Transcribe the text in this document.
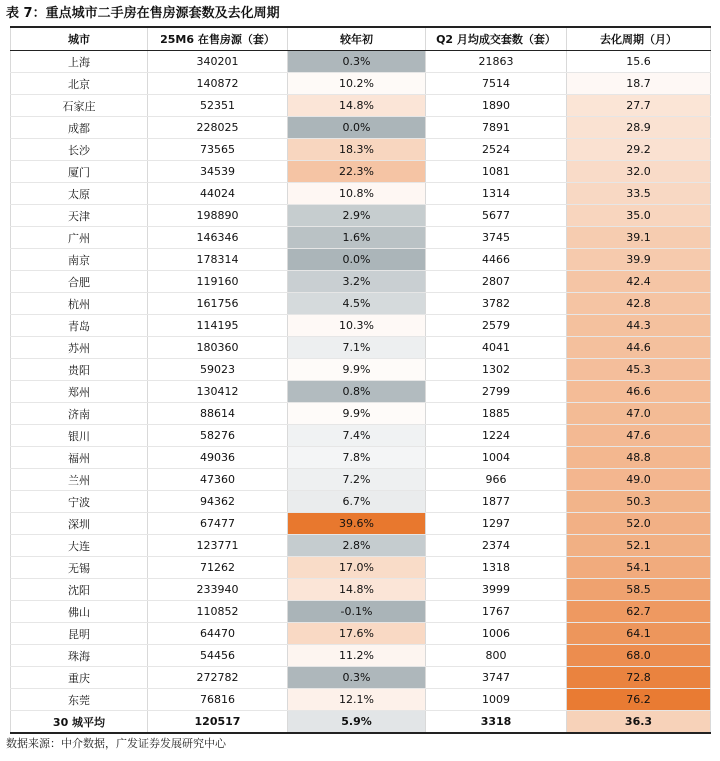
表 7：重点城市二手房在售房源套数及去化周期
城市	25M6 在售房源（套）	较年初	Q2 月均成交套数（套）	去化周期（月）
上海	340201	0.3%	21863	15.6
北京	140872	10.2%	7514	18.7
石家庄	52351	14.8%	1890	27.7
成都	228025	0.0%	7891	28.9
长沙	73565	18.3%	2524	29.2
厦门	34539	22.3%	1081	32.0
太原	44024	10.8%	1314	33.5
天津	198890	2.9%	5677	35.0
广州	146346	1.6%	3745	39.1
南京	178314	0.0%	4466	39.9
合肥	119160	3.2%	2807	42.4
杭州	161756	4.5%	3782	42.8
青岛	114195	10.3%	2579	44.3
苏州	180360	7.1%	4041	44.6
贵阳	59023	9.9%	1302	45.3
郑州	130412	0.8%	2799	46.6
济南	88614	9.9%	1885	47.0
银川	58276	7.4%	1224	47.6
福州	49036	7.8%	1004	48.8
兰州	47360	7.2%	966	49.0
宁波	94362	6.7%	1877	50.3
深圳	67477	39.6%	1297	52.0
大连	123771	2.8%	2374	52.1
无锡	71262	17.0%	1318	54.1
沈阳	233940	14.8%	3999	58.5
佛山	110852	-0.1%	1767	62.7
昆明	64470	17.6%	1006	64.1
珠海	54456	11.2%	800	68.0
重庆	272782	0.3%	3747	72.8
东莞	76816	12.1%	1009	76.2
30 城平均	120517	5.9%	3318	36.3
数据来源：中介数据，广发证券发展研究中心
